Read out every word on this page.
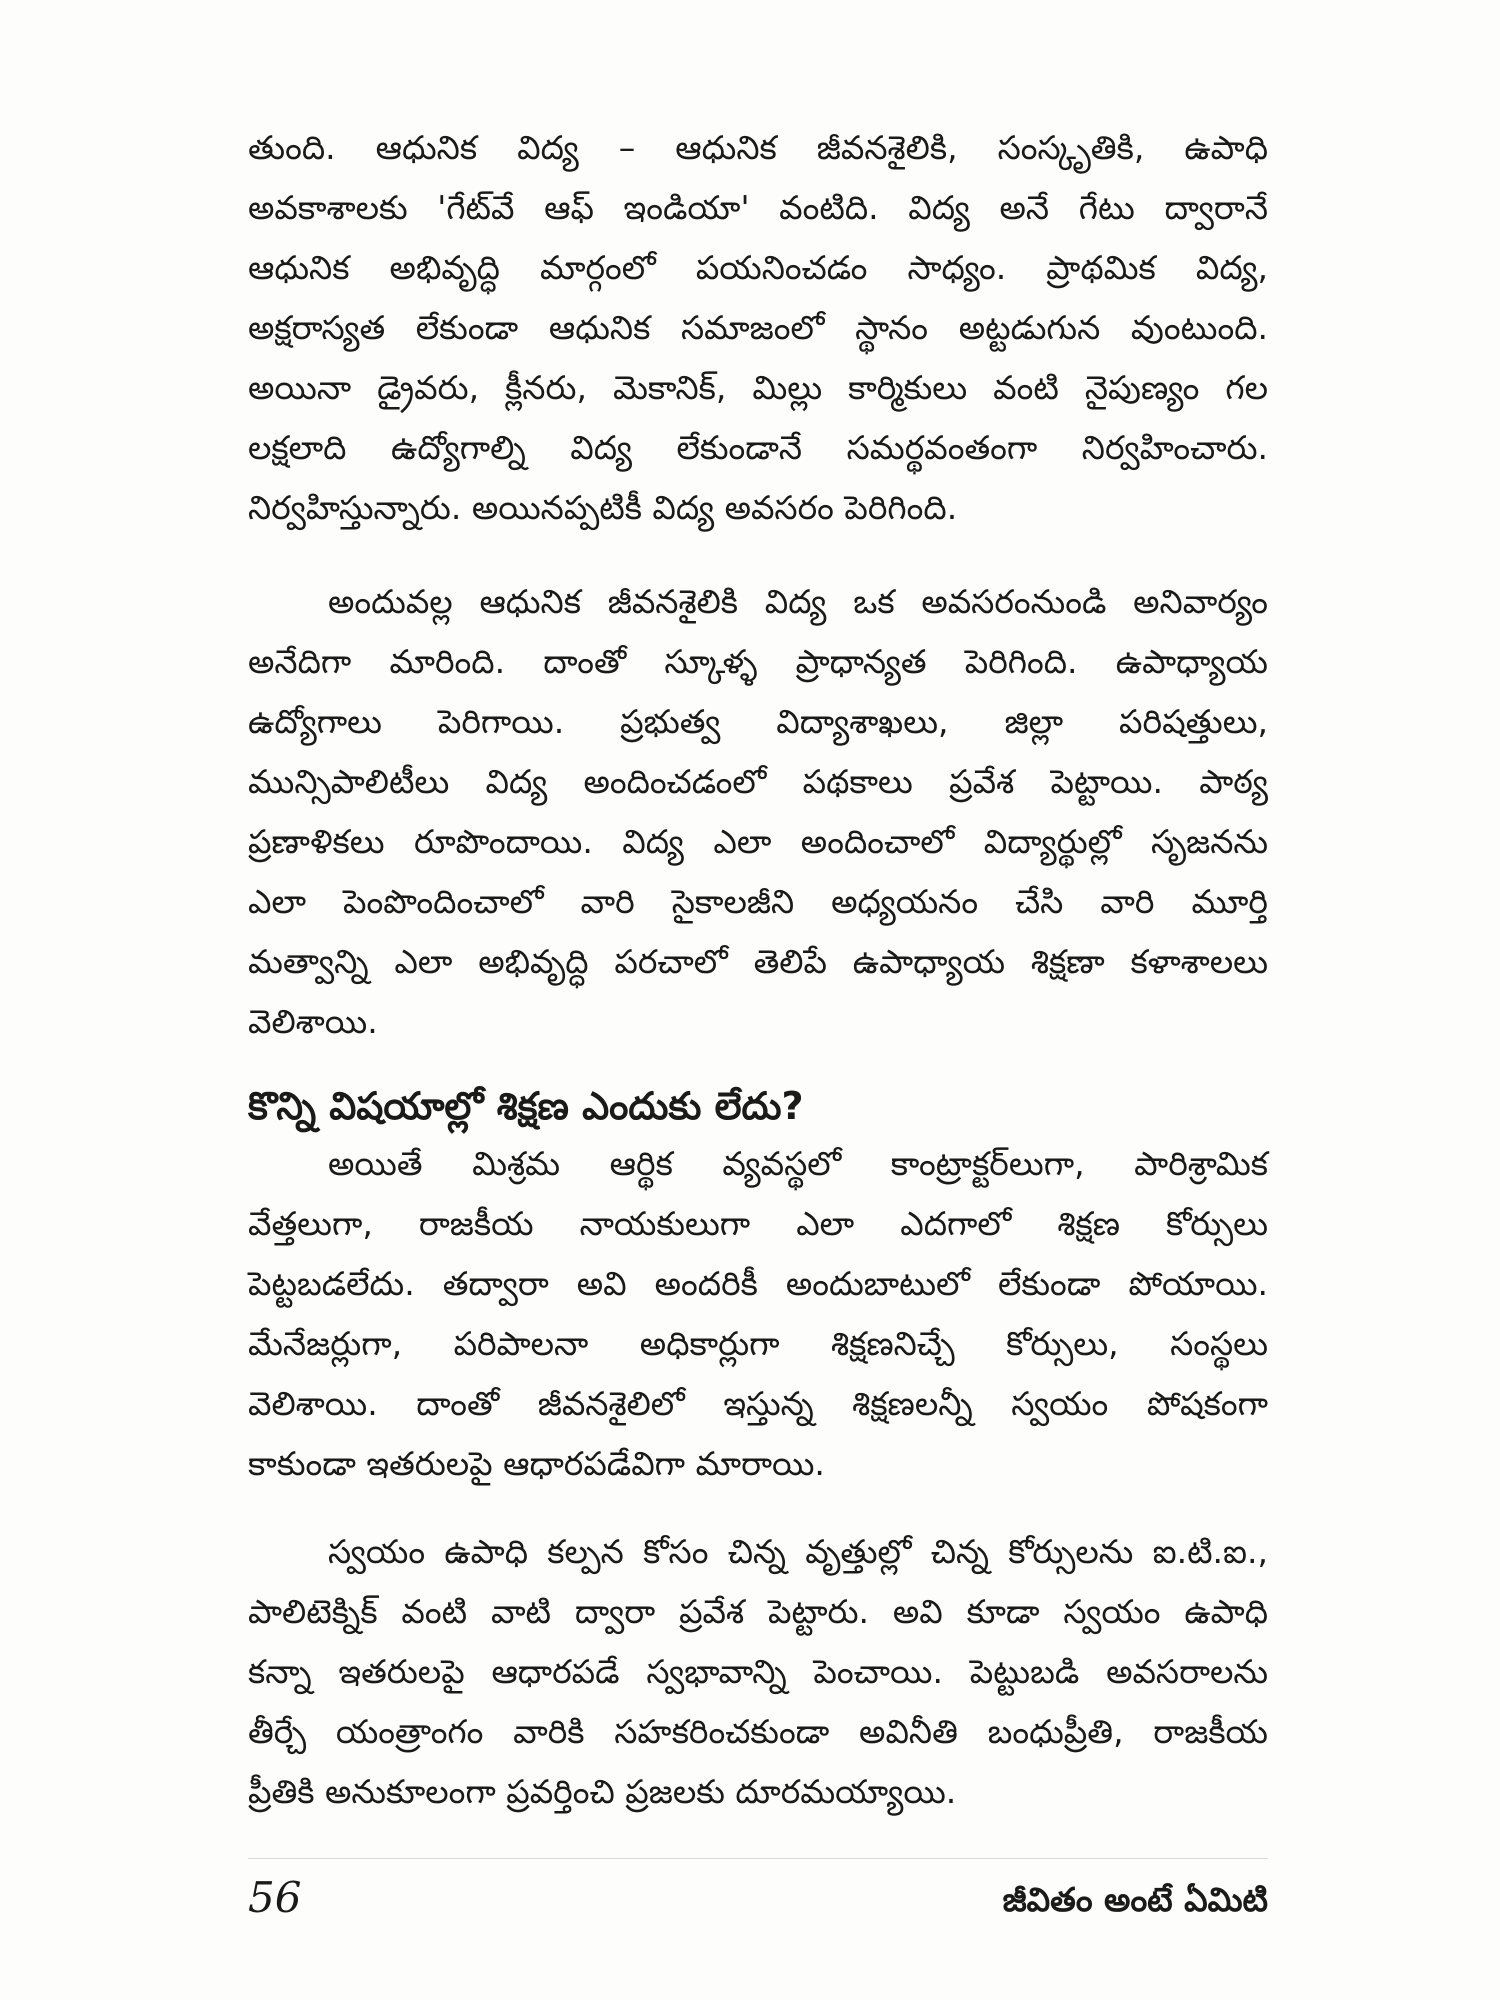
తుంది. ఆధునిక విద్య – ఆధునిక జీవనశైలికి, సంస్కృతికి, ఉపాధి
అవకాశాలకు 'గేట్‌వే ఆఫ్ ఇండియా' వంటిది. విద్య అనే గేటు ద్వారానే
ఆధునిక అభివృద్ధి మార్గంలో పయనించడం సాధ్యం. ప్రాథమిక విద్య,
అక్షరాస్యత లేకుండా ఆధునిక సమాజంలో స్థానం అట్టడుగున వుంటుంది.
అయినా డ్రైవరు, క్లీనరు, మెకానిక్, మిల్లు కార్మికులు వంటి నైపుణ్యం గల
లక్షలాది ఉద్యోగాల్ని విద్య లేకుండానే సమర్థవంతంగా నిర్వహించారు.
నిర్వహిస్తున్నారు. అయినప్పటికీ విద్య అవసరం పెరిగింది.
అందువల్ల ఆధునిక జీవనశైలికి విద్య ఒక అవసరంనుండి అనివార్యం
అనేదిగా మారింది. దాంతో స్కూళ్ళ ప్రాధాన్యత పెరిగింది. ఉపాధ్యాయ
ఉద్యోగాలు పెరిగాయి. ప్రభుత్వ విద్యాశాఖలు, జిల్లా పరిషత్తులు,
మున్సిపాలిటీలు విద్య అందించడంలో పథకాలు ప్రవేశ పెట్టాయి. పాఠ్య
ప్రణాళికలు రూపొందాయి. విద్య ఎలా అందించాలో విద్యార్థుల్లో సృజనను
ఎలా పెంపొందించాలో వారి సైకాలజీని అధ్యయనం చేసి వారి మూర్తి
మత్వాన్ని ఎలా అభివృద్ధి పరచాలో తెలిపే ఉపాధ్యాయ శిక్షణా కళాశాలలు
వెలిశాయి.
కొన్ని విషయాల్లో శిక్షణ ఎందుకు లేదు?
అయితే మిశ్రమ ఆర్థిక వ్యవస్థలో కాంట్రాక్టర్‌లుగా, పారిశ్రామిక
వేత్తలుగా, రాజకీయ నాయకులుగా ఎలా ఎదగాలో శిక్షణ కోర్సులు
పెట్టబడలేదు. తద్వారా అవి అందరికీ అందుబాటులో లేకుండా పోయాయి.
మేనేజర్లుగా, పరిపాలనా అధికార్లుగా శిక్షణనిచ్చే కోర్సులు, సంస్థలు
వెలిశాయి. దాంతో జీవనశైలిలో ఇస్తున్న శిక్షణలన్నీ స్వయం పోషకంగా
కాకుండా ఇతరులపై ఆధారపడేవిగా మారాయి.
స్వయం ఉపాధి కల్పన కోసం చిన్న వృత్తుల్లో చిన్న కోర్సులను ఐ.టి.ఐ.,
పాలిటెక్నిక్ వంటి వాటి ద్వారా ప్రవేశ పెట్టారు. అవి కూడా స్వయం ఉపాధి
కన్నా ఇతరులపై ఆధారపడే స్వభావాన్ని పెంచాయి. పెట్టుబడి అవసరాలను
తీర్చే యంత్రాంగం వారికి సహకరించకుండా అవినీతి బంధుప్రీతి, రాజకీయ
ప్రీతికి అనుకూలంగా ప్రవర్తించి ప్రజలకు దూరమయ్యాయి.
56	జీవితం అంటే ఏమిటి
